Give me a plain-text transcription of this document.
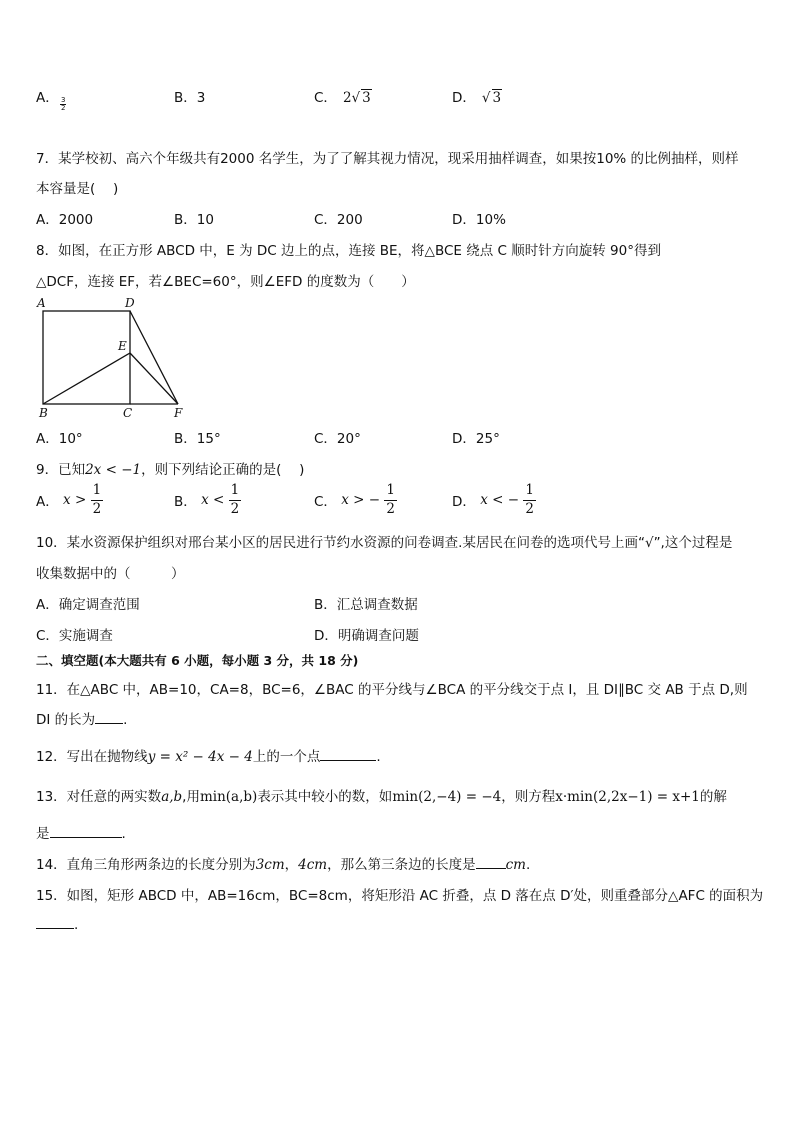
A． $\frac{3}{2}$	B．3	C． 2√ 3	D． √ 3
7．某学校初、高六个年级共有2000 名学生，为了了解其视力情况，现采用抽样调查，如果按10% 的比例抽样，则样
本容量是(　 )
A．2000	B．10	C．200	D．10%
8．如图，在正方形 ABCD 中，E 为 DC 边上的点，连接 BE，将△BCE 绕点 C 顺时针方向旋转 90°得到
△DCF，连接 EF，若∠BEC=60°，则∠EFD 的度数为（　　）
A	D
E
B	C	F
A．10°	B．15°	C．20°	D．25°
9．已知2x < −1，则下列结论正确的是(　 )
A． $x > \frac{1}{2}$	B． $x < \frac{1}{2}$	C． x > − $\frac{1}{2}$	D． x < − $\frac{1}{2}$
10．某水资源保护组织对邢台某小区的居民进行节约水资源的问卷调查.某居民在问卷的选项代号上画“√”,这个过程是
收集数据中的（　　　）
A．确定调查范围	B．汇总调查数据
C．实施调查	D．明确调查问题
二、填空题(本大题共有 6 小题，每小题 3 分，共 18 分)
11．在△ABC 中，AB=10，CA=8，BC=6，∠BAC 的平分线与∠BCA 的平分线交于点 I，且 DI∥BC 交 AB 于点 D,则
DI 的长为 .
12．写出在抛物线y = x² − 4x − 4上的一个点	.
13．对任意的两实数a,b,用min(a,b)表示其中较小的数，如min(2,−4) = −4，则方程x·min(2,2x−1) = x+1的解
是	.
14．直角三角形两条边的长度分别为3cm，4cm，那么第三条边的长度是 cm.
15．如图，矩形 ABCD 中，AB=16cm，BC=8cm，将矩形沿 AC 折叠，点 D 落在点 D′处，则重叠部分△AFC 的面积为
.
